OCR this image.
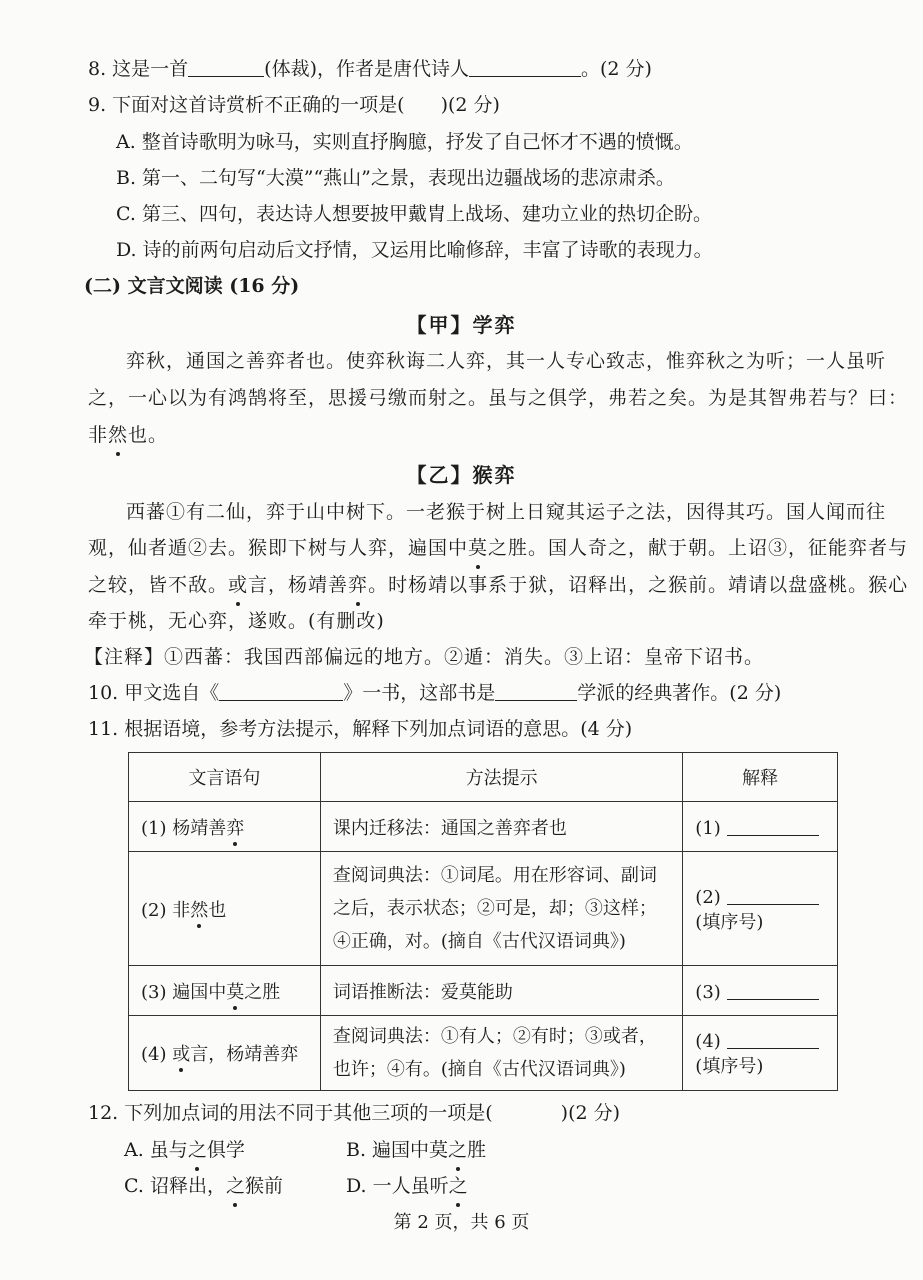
8. 这是一首	(体裁)，作者是唐代诗人	。(2 分)
9. 下面对这首诗赏析不正确的一项是( )(2 分)
A. 整首诗歌明为咏马，实则直抒胸臆，抒发了自己怀才不遇的愤慨。
B. 第一、二句写“大漠”“燕山”之景，表现出边疆战场的悲凉肃杀。
C. 第三、四句，表达诗人想要披甲戴胄上战场、建功立业的热切企盼。
D. 诗的前两句启动后文抒情，又运用比喻修辞，丰富了诗歌的表现力。
(二) 文言文阅读 (16 分)
【甲】学弈
弈秋，通国之善弈者也。使弈秋诲二人弈，其一人专心致志，惟弈秋之为听；一人虽听
之，一心以为有鸿鹄将至，思援弓缴而射之。虽与之俱学，弗若之矣。为是其智弗若与？曰：
非然也。
【乙】猴弈
西蕃①有二仙，弈于山中树下。一老猴于树上日窥其运子之法，因得其巧。国人闻而往
观，仙者遁②去。猴即下树与人弈，遍国中莫之胜。国人奇之，献于朝。上诏③，征能弈者与
之较，皆不敌。或言，杨靖善弈。时杨靖以事系于狱，诏释出，之猴前。靖请以盘盛桃。猴心
牵于桃，无心弈，遂败。(有删改)
【注释】①西蕃：我国西部偏远的地方。②遁：消失。③上诏：皇帝下诏书。
10. 甲文选自《	》一书，这部书是	学派的经典著作。(2 分)
11. 根据语境，参考方法提示，解释下列加点词语的意思。(4 分)
文言语句	方法提示	解释
(1) 杨靖善弈	课内迁移法：通国之善弈者也	(1)
(2) 非然也	查阅词典法：①词尾。用在形容词、副词之后，表示状态；②可是，却；③这样；④正确，对。(摘自《古代汉语词典》)	(2)
(填序号)
(3) 遍国中莫之胜	词语推断法：爱莫能助	(3)
(4) 或言，杨靖善弈	查阅词典法：①有人；②有时；③或者，也许；④有。(摘自《古代汉语词典》)	(4)
(填序号)
12. 下列加点词的用法不同于其他三项的一项是(	)(2 分)
A. 虽与之俱学	B. 遍国中莫之胜
C. 诏释出，之猴前	D. 一人虽听之
第 2 页，共 6 页
